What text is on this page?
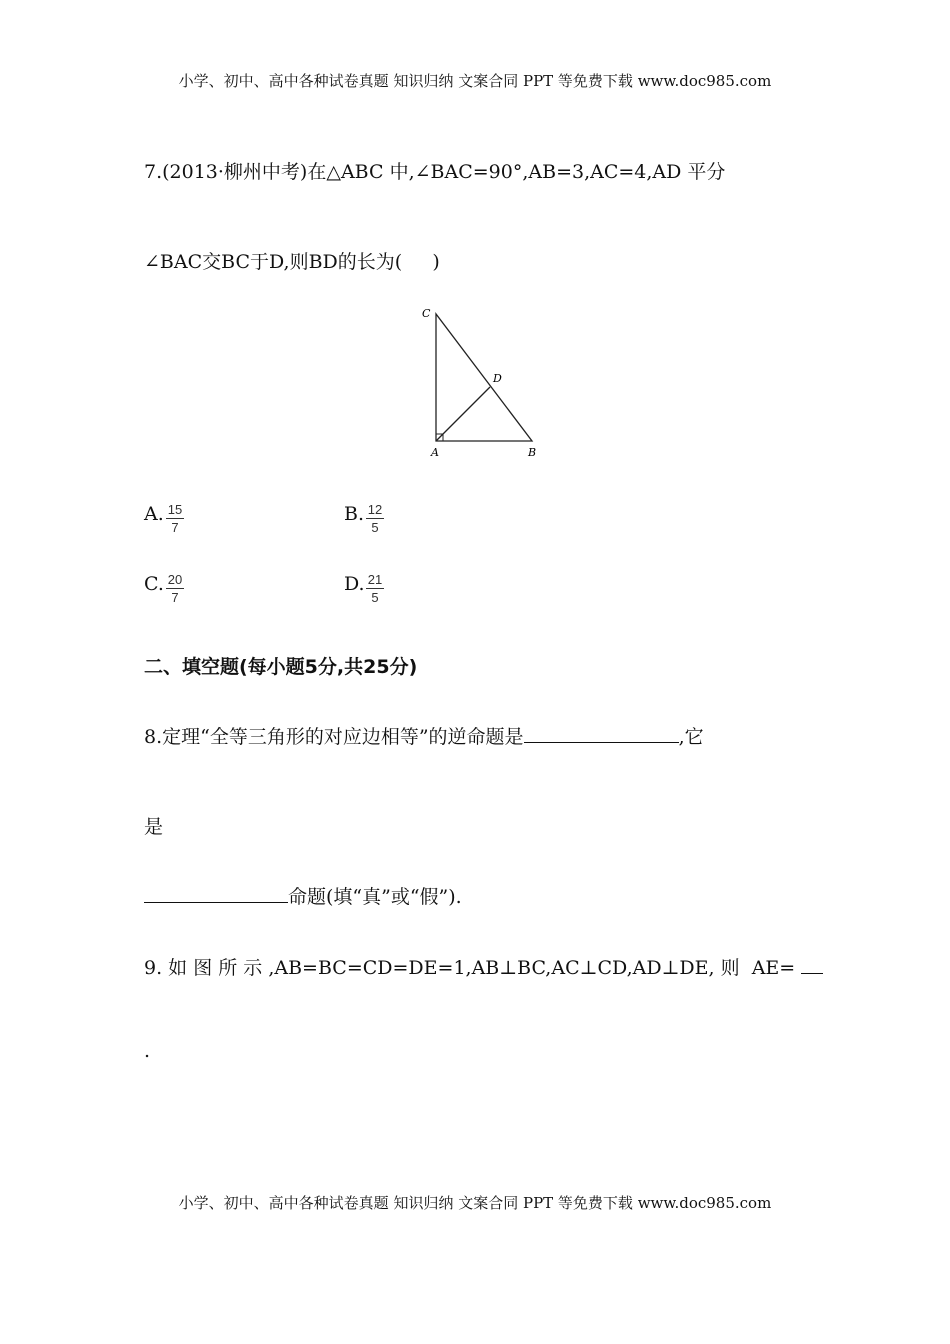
小学、初中、高中各种试卷真题 知识归纳 文案合同 PPT 等免费下载 www.doc985.com
7.(2013·柳州中考)在△ABC 中,∠BAC=90°,AB=3,AC=4,AD 平分
∠BAC交BC于D,则BD的长为(     )
C
D
A	B
A. $\frac{15}{7}$	B. $\frac{12}{5}$
C. $\frac{20}{7}$	D. $\frac{21}{5}$
二、填空题(每小题5分,共25分)
8.定理“全等三角形的对应边相等”的逆命题是	,它
是
命题(填“真”或“假”).
9. 如 图 所 示 ,AB=BC=CD=DE=1,AB⊥BC,AC⊥CD,AD⊥DE, 则  AE=
.
小学、初中、高中各种试卷真题 知识归纳 文案合同 PPT 等免费下载 www.doc985.com
